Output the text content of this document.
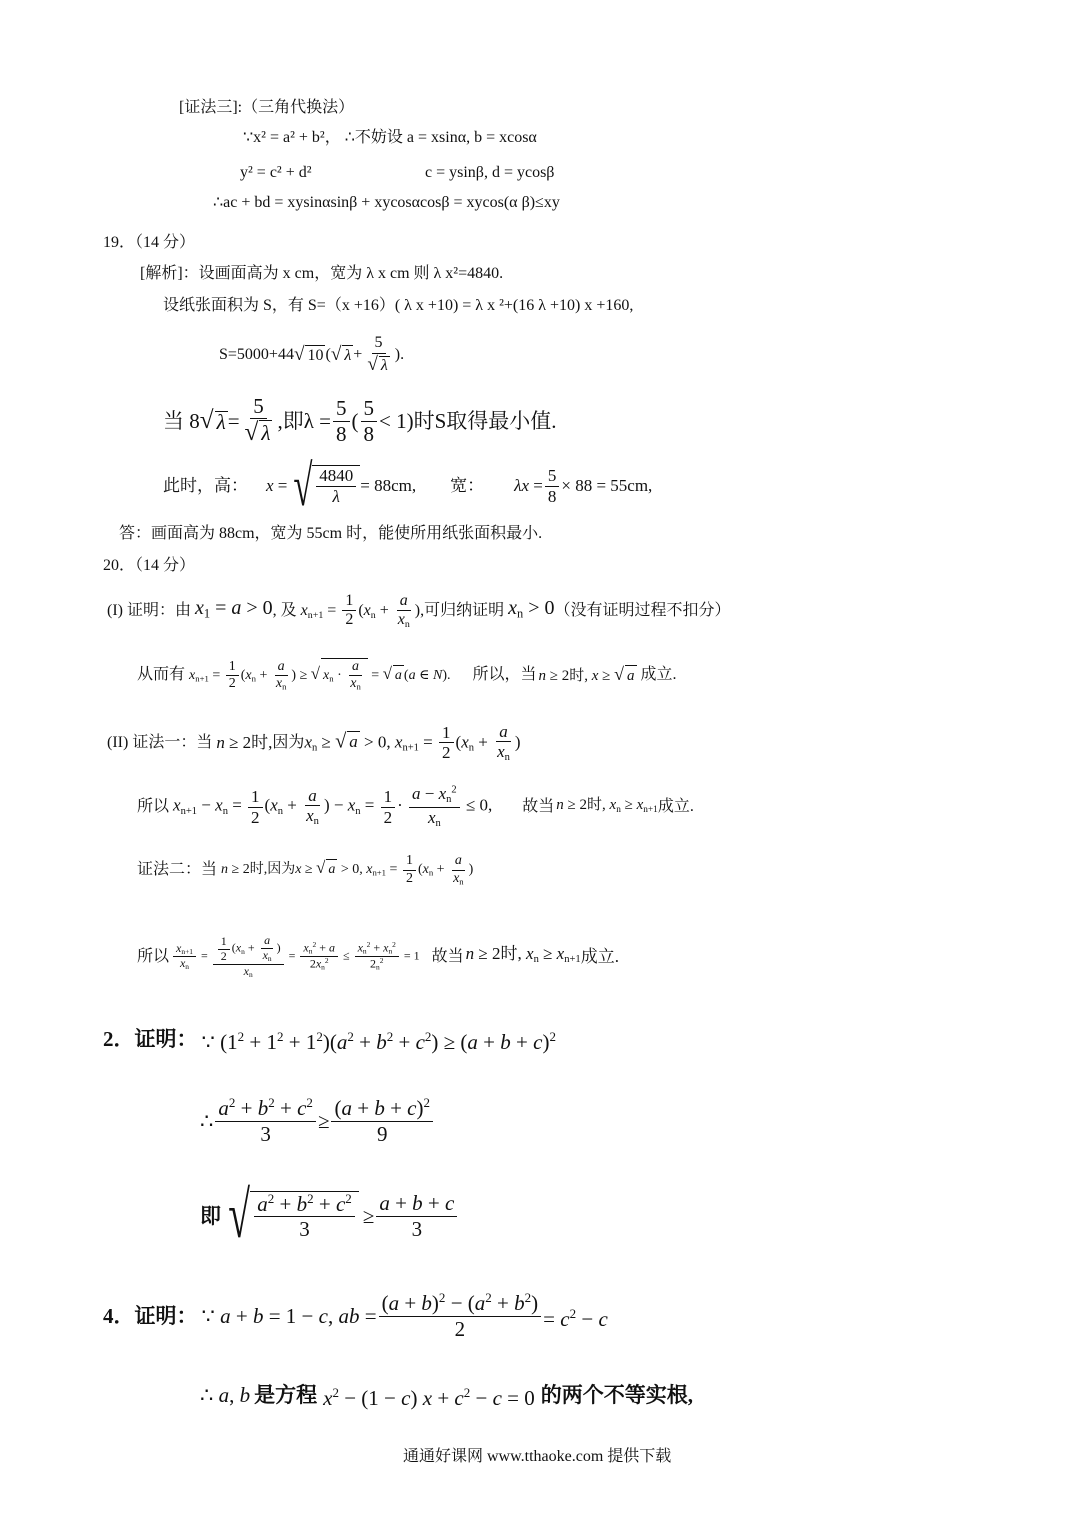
[证法三]:（三角代换法）
∵x² = a² + b²， ∴不妨设 a = xsinα, b = xcosα
y² = c² + d²	c = ysinβ, d = ycosβ
∴ac + bd = xysinαsinβ + xycosαcosβ = xycos(α β)≤xy
19．（14 分）
[解析]：设画面高为 x cm，宽为 λ x cm 则 λ x²=4840.
设纸张面积为 S，有 S=（x +16）( λ x +10) = λ x ²+(16 λ +10) x +160,
S=5000+44 √ 10 ( √ $\lambda + \frac{5}{√ \lambda}$ ).
当 8 √ $\lambda = \frac{5}{√ \lambda}$ ,即$\lambda = \frac{5}{8}$ ( $\frac{5}{8} < 1$) 时S取得最小值.
此时，高： x = √ $\frac{4840}{\lambda} = 88cm$, 宽： $\lambda x = \frac{5}{8} \times 88 = 55cm$,
答：画面高为 88cm，宽为 55cm 时，能使所用纸张面积最小.
20．（14 分）
(I) 证明：由 $x_1 = a > 0$ , 及 $x_{n+1} = \frac{1}{2} (x_n + \frac{a}{x_n}$ ), 可归纳证明 $x_n > 0$ （没有证明过程不扣分）
从而有 $x_{n+1} = \frac{1}{2} (x_n + \frac{a}{x_n}$ ) ≥ √ $x_n \cdot \frac{a}{x_n}$ = √ a (a ∈ N). 所以，当 n ≥ 2时, x ≥ √ a 成立.
(II) 证法一：当 n ≥ 2时, 因为 $x_n$ ≥ √ a > 0, $x_{n+1} = \frac{1}{2} (x_n + \frac{a}{x_n}$ )
所以 $x_{n+1} - x_n = \frac{1}{2} (x_n + \frac{a}{x_n}$ ) − $x_n = \frac{1}{2} \cdot \frac{a - x_n^2}{x_n} \le 0$, 故当 n ≥ 2时, $x_n \ge x_{n+1}$ 成立.
证法二：当 n ≥ 2时,因为x ≥ √ a > 0, $x_{n+1} = \frac{1}{2} (x_n + \frac{a}{x_n}$ )
所以 $\frac{x_{n+1}}{x_n} = \frac{\frac{1}{2} (x_n + \frac{a}{x_n} )}{x_n} = \frac{x_n^2 + a}{2x_n^2} \le \frac{x_n^2 + x_n^2}{2_n^2} = 1$ 故当 n ≥ 2时, $x_n \ge x_{n+1}$ 成立.
2．证明： ∵ $(1^2 + 1^2 + 1^2)(a^2 + b^2 + c^2) \ge (a + b + c)^2$
∴ $\frac{a^2 + b^2 + c^2}{3} \ge \frac{(a + b + c)^2}{9}$
即 √ $\frac{a^2 + b^2 + c^2}{3} \ge \frac{a + b + c}{3}$
4．证明： ∵ a + b = 1 − c, ab = $\frac{(a + b)^2 - (a^2 + b^2)}{2} = c^2 - c$
∴ a, b 是方程 $x^2 - (1 - c) x + c^2 - c = 0$ 的两个不等实根,
通通好课网 www.tthaoke.com 提供下载
